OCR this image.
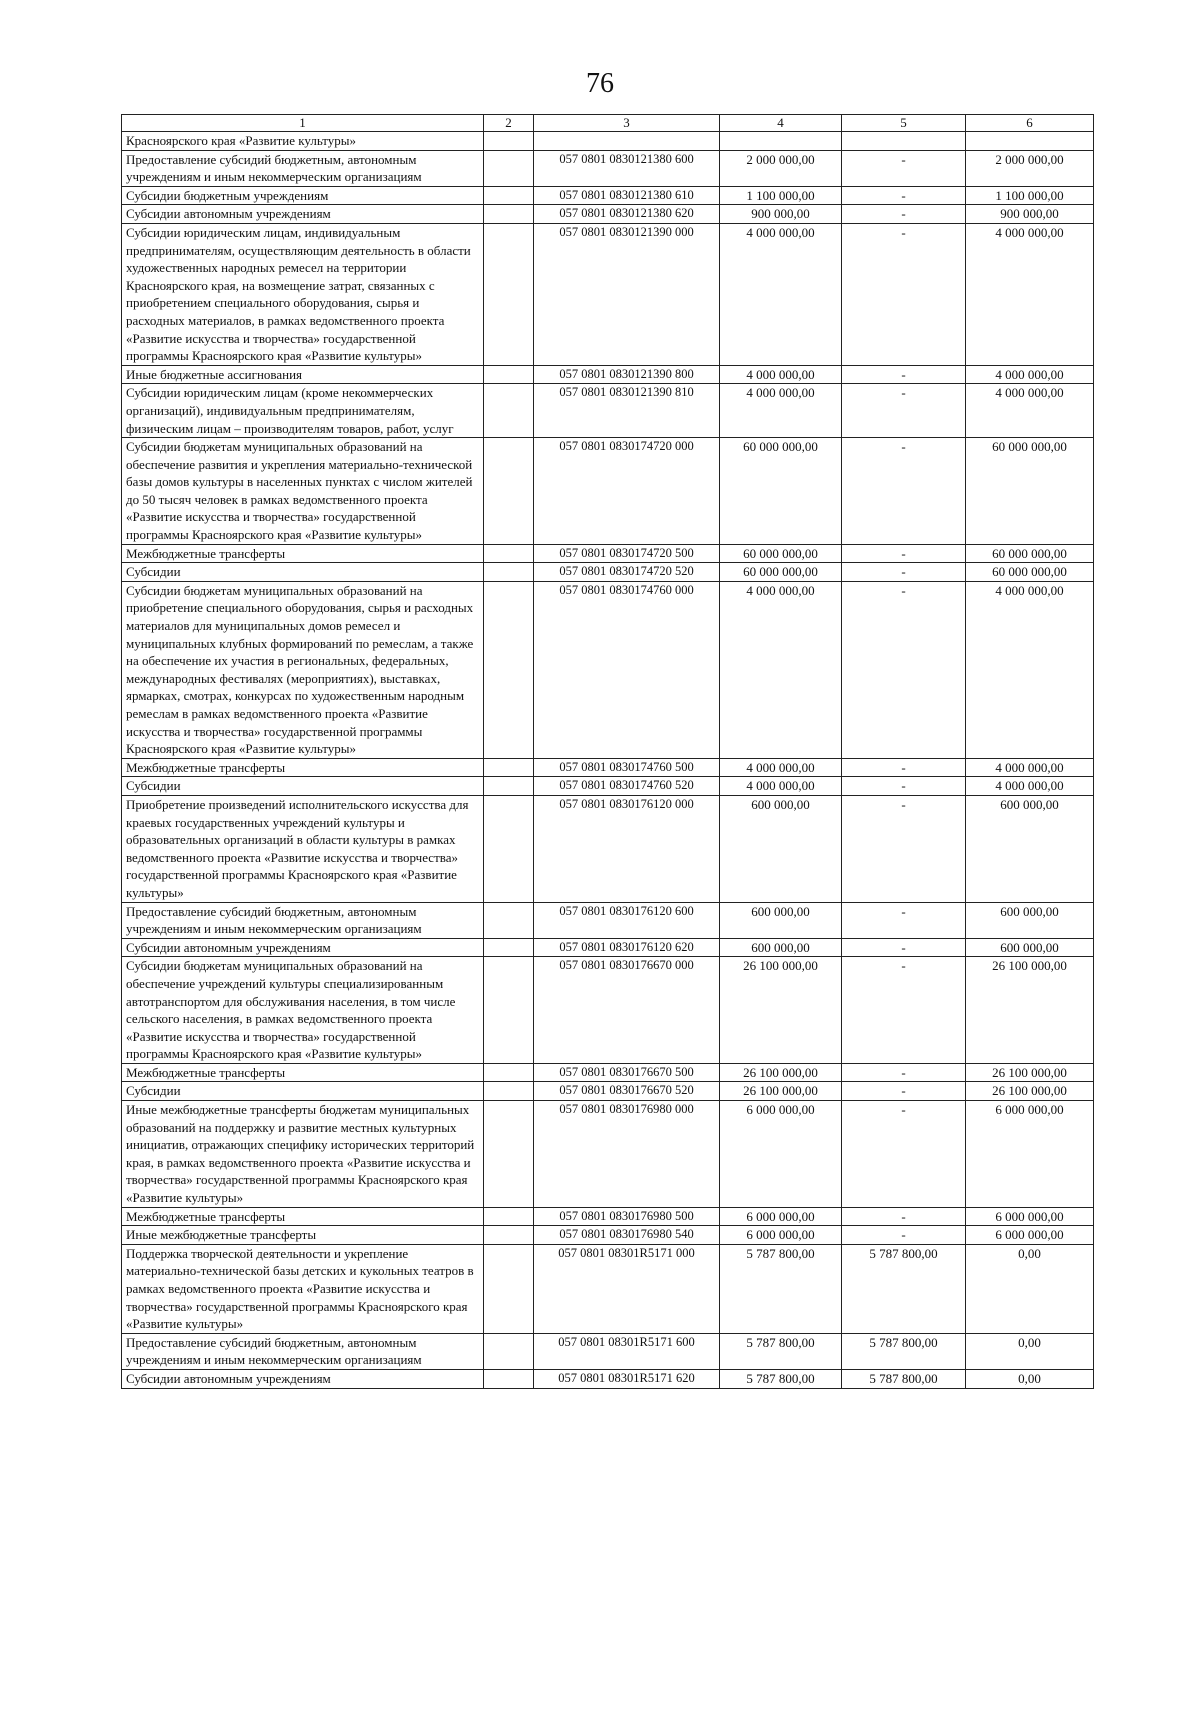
76
1	2	3	4	5	6
Красноярского края «Развитие культуры»					
Предоставление субсидий бюджетным, автономным учреждениям и иным некоммерческим организациям		057 0801 0830121380 600	2 000 000,00	-	2 000 000,00
Субсидии бюджетным учреждениям		057 0801 0830121380 610	1 100 000,00	-	1 100 000,00
Субсидии автономным учреждениям		057 0801 0830121380 620	900 000,00	-	900 000,00
Субсидии юридическим лицам, индивидуальным предпринимателям, осуществляющим деятельность в области художественных народных ремесел на территории Красноярского края, на возмещение затрат, связанных с приобретением специального оборудования, сырья и расходных материалов, в рамках ведомственного проекта «Развитие искусства и творчества» государственной программы Красноярского края «Развитие культуры»		057 0801 0830121390 000	4 000 000,00	-	4 000 000,00
Иные бюджетные ассигнования		057 0801 0830121390 800	4 000 000,00	-	4 000 000,00
Субсидии юридическим лицам (кроме некоммерческих организаций), индивидуальным предпринимателям, физическим лицам – производителям товаров, работ, услуг		057 0801 0830121390 810	4 000 000,00	-	4 000 000,00
Субсидии бюджетам муниципальных образований на обеспечение развития и укрепления материально-технической базы домов культуры в населенных пунктах с числом жителей до 50 тысяч человек в рамках ведомственного проекта «Развитие искусства и творчества» государственной программы Красноярского края «Развитие культуры»		057 0801 0830174720 000	60 000 000,00	-	60 000 000,00
Межбюджетные трансферты		057 0801 0830174720 500	60 000 000,00	-	60 000 000,00
Субсидии		057 0801 0830174720 520	60 000 000,00	-	60 000 000,00
Субсидии бюджетам муниципальных образований на приобретение специального оборудования, сырья и расходных материалов для муниципальных домов ремесел и муниципальных клубных формирований по ремеслам, а также на обеспечение их участия в региональных, федеральных, международных фестивалях (мероприятиях), выставках, ярмарках, смотрах, конкурсах по художественным народным ремеслам в рамках ведомственного проекта «Развитие искусства и творчества» государственной программы Красноярского края «Развитие культуры»		057 0801 0830174760 000	4 000 000,00	-	4 000 000,00
Межбюджетные трансферты		057 0801 0830174760 500	4 000 000,00	-	4 000 000,00
Субсидии		057 0801 0830174760 520	4 000 000,00	-	4 000 000,00
Приобретение произведений исполнительского искусства для краевых государственных учреждений культуры и образовательных организаций в области культуры в рамках ведомственного проекта «Развитие искусства и творчества» государственной программы Красноярского края «Развитие культуры»		057 0801 0830176120 000	600 000,00	-	600 000,00
Предоставление субсидий бюджетным, автономным учреждениям и иным некоммерческим организациям		057 0801 0830176120 600	600 000,00	-	600 000,00
Субсидии автономным учреждениям		057 0801 0830176120 620	600 000,00	-	600 000,00
Субсидии бюджетам муниципальных образований на обеспечение учреждений культуры специализированным автотранспортом для обслуживания населения, в том числе сельского населения, в рамках ведомственного проекта «Развитие искусства и творчества» государственной программы Красноярского края «Развитие культуры»		057 0801 0830176670 000	26 100 000,00	-	26 100 000,00
Межбюджетные трансферты		057 0801 0830176670 500	26 100 000,00	-	26 100 000,00
Субсидии		057 0801 0830176670 520	26 100 000,00	-	26 100 000,00
Иные межбюджетные трансферты бюджетам муниципальных образований на поддержку и развитие местных культурных инициатив, отражающих специфику исторических территорий края, в рамках ведомственного проекта «Развитие искусства и творчества» государственной программы Красноярского края «Развитие культуры»		057 0801 0830176980 000	6 000 000,00	-	6 000 000,00
Межбюджетные трансферты		057 0801 0830176980 500	6 000 000,00	-	6 000 000,00
Иные межбюджетные трансферты		057 0801 0830176980 540	6 000 000,00	-	6 000 000,00
Поддержка творческой деятельности и укрепление материально-технической базы детских и кукольных театров в рамках ведомственного проекта «Развитие искусства и творчества» государственной программы Красноярского края «Развитие культуры»		057 0801 08301R5171 000	5 787 800,00	5 787 800,00	0,00
Предоставление субсидий бюджетным, автономным учреждениям и иным некоммерческим организациям		057 0801 08301R5171 600	5 787 800,00	5 787 800,00	0,00
Субсидии автономным учреждениям		057 0801 08301R5171 620	5 787 800,00	5 787 800,00	0,00
